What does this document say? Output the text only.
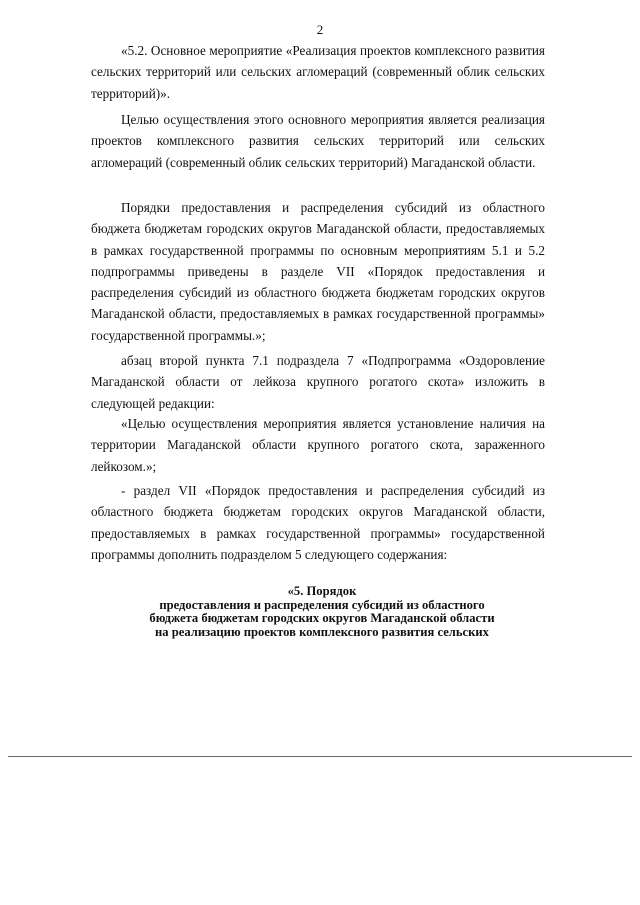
2

«5.2. Основное мероприятие «Реализация проектов комплексного развития сельских территорий или сельских агломераций (современный облик сельских территорий)».

Целью осуществления этого основного мероприятия является реализация проектов комплексного развития сельских территорий или сельских агломераций (современный облик сельских территорий) Магаданской области.

Порядки предоставления и распределения субсидий из областного бюджета бюджетам городских округов Магаданской области, предоставляемых в рамках государственной программы по основным мероприятиям 5.1 и 5.2 подпрограммы приведены в разделе VII «Порядок предоставления и распределения субсидий из областного бюджета бюджетам городских округов Магаданской области, предоставляемых в рамках государственной программы» государственной программы.»;

абзац второй пункта 7.1 подраздела 7 «Подпрограмма «Оздоровление Магаданской области от лейкоза крупного рогатого скота» изложить в следующей редакции:

«Целью осуществления мероприятия является установление наличия на территории Магаданской области крупного рогатого скота, зараженного лейкозом.»;

- раздел VII «Порядок предоставления и распределения субсидий из областного бюджета бюджетам городских округов Магаданской области, предоставляемых в рамках государственной программы» государственной программы дополнить подразделом 5 следующего содержания:

«5. Порядок
предоставления и распределения субсидий из областного
бюджета бюджетам городских округов Магаданской области
на реализацию проектов комплексного развития сельских
